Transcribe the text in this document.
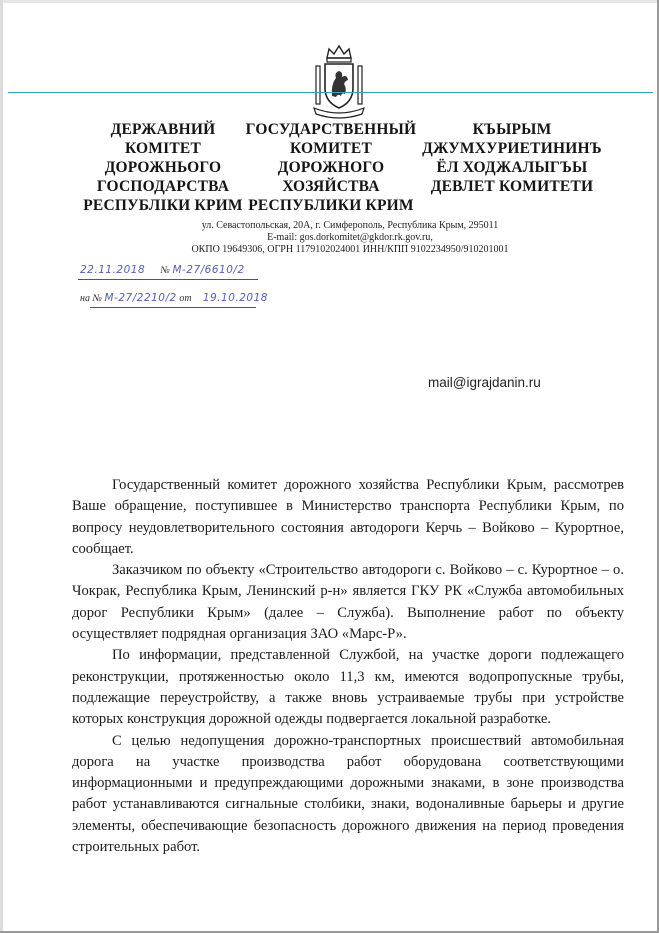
ДЕРЖАВНИЙ
КОМІТЕТ
ДОРОЖНЬОГО
ГОСПОДАРСТВА
РЕСПУБЛІКИ КРИМ
ГОСУДАРСТВЕННЫЙ
КОМИТЕТ
ДОРОЖНОГО
ХОЗЯЙСТВА
РЕСПУБЛИКИ КРИМ
КЪЫРЫМ
ДЖУМХУРИЕТИНИНЪ
ЁЛ ХОДЖАЛЫГЪЫ
ДЕВЛЕТ КОМИТЕТИ
ул. Севастопольская, 20А, г. Симферополь, Республика Крым, 295011
E-mail: gos.dorkomitet@gkdor.rk.gov.ru,
ОКПО 19649306, ОГРН 1179102024001 ИНН/КПП 9102234950/910201001
22.11.2018 № М-27/6610/2
на № М-27/2210/2 от 19.10.2018
mail@igrajdanin.ru

Государственный комитет дорожного хозяйства Республики Крым, рассмотрев Ваше обращение, поступившее в Министерство транспорта Республики Крым, по вопросу неудовлетворительного состояния автодороги Керчь – Войково – Курортное, сообщает.

Заказчиком по объекту «Строительство автодороги с. Войково – с. Курортное – о. Чокрак, Республика Крым, Ленинский р-н» является ГКУ РК «Служба автомобильных дорог Республики Крым» (далее – Служба). Выполнение работ по объекту осуществляет подрядная организация ЗАО «Марс-Р».

По информации, представленной Службой, на участке дороги подлежащего реконструкции, протяженностью около 11,3 км, имеются водопропускные трубы, подлежащие переустройству, а также вновь устраиваемые трубы при устройстве которых конструкция дорожной одежды подвергается локальной разработке.

С целью недопущения дорожно-транспортных происшествий автомобильная дорога на участке производства работ оборудована соответствующими информационными и предупреждающими дорожными знаками, в зоне производства работ устанавливаются сигнальные столбики, знаки, водоналивные барьеры и другие элементы, обеспечивающие безопасность дорожного движения на период проведения строительных работ.
